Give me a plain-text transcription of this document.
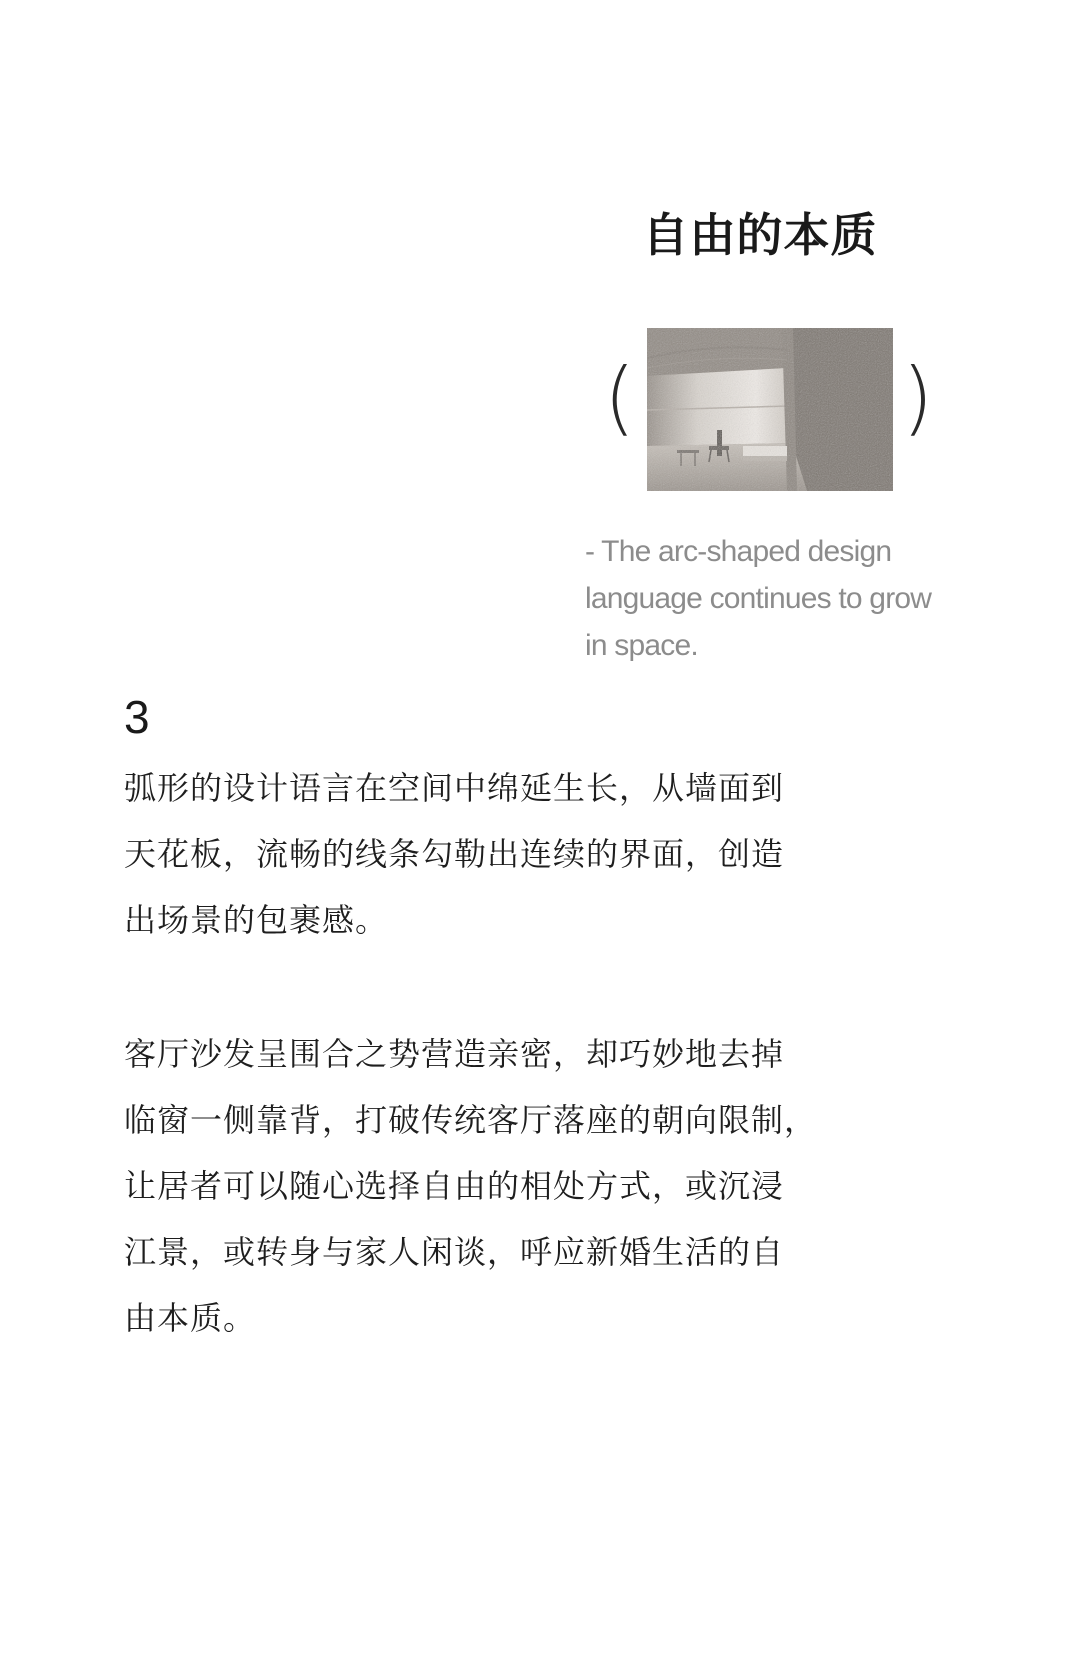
自由的本质
(	)
- The arc-shaped design
language continues to grow
in space.
3
弧形的设计语言在空间中绵延生长，从墙面到
天花板，流畅的线条勾勒出连续的界面，创造
出场景的包裹感。
客厅沙发呈围合之势营造亲密，却巧妙地去掉
临窗一侧靠背，打破传统客厅落座的朝向限制，
让居者可以随心选择自由的相处方式，或沉浸
江景，或转身与家人闲谈，呼应新婚生活的自
由本质。
